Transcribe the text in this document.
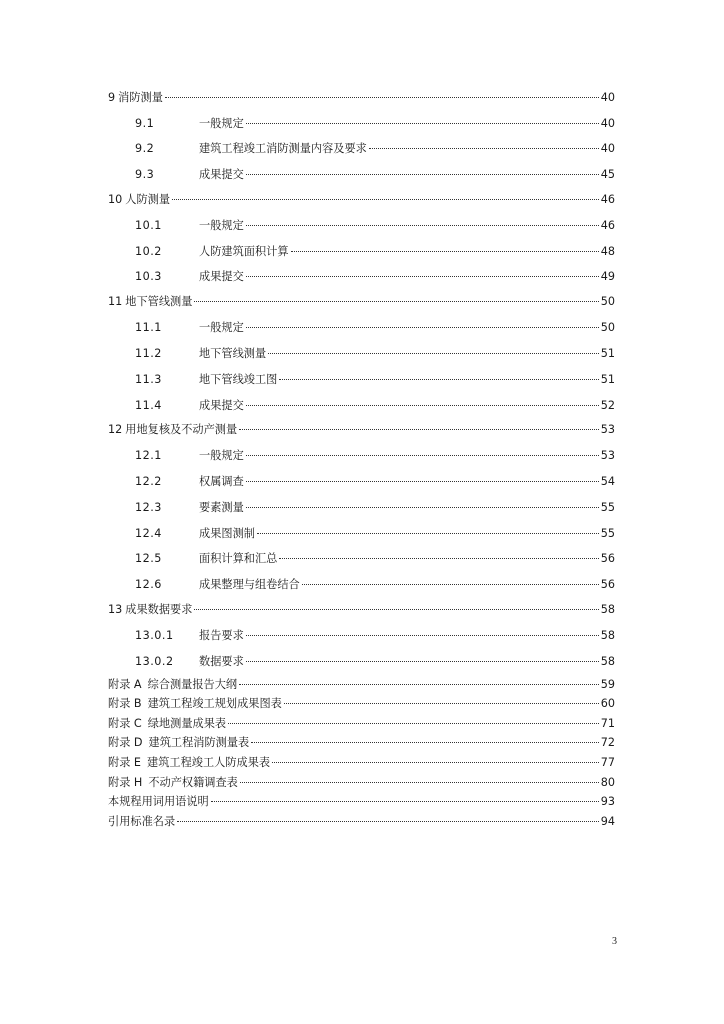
9 消防测量	40
9.1	一般规定	40
9.2	建筑工程竣工消防测量内容及要求	40
9.3	成果提交	45
10 人防测量	46
10.1	一般规定	46
10.2	人防建筑面积计算	48
10.3	成果提交	49
11 地下管线测量	50
11.1	一般规定	50
11.2	地下管线测量	51
11.3	地下管线竣工图	51
11.4	成果提交	52
12 用地复核及不动产测量	53
12.1	一般规定	53
12.2	权属调查	54
12.3	要素测量	55
12.4	成果图测制	55
12.5	面积计算和汇总	56
12.6	成果整理与组卷结合	56
13 成果数据要求	58
13.0.1	报告要求	58
13.0.2	数据要求	58
附录 A 综合测量报告大纲	59
附录 B 建筑工程竣工规划成果图表	60
附录 C 绿地测量成果表	71
附录 D 建筑工程消防测量表	72
附录 E 建筑工程竣工人防成果表	77
附录 H 不动产权籍调查表	80
本规程用词用语说明	93
引用标准名录	94
3
